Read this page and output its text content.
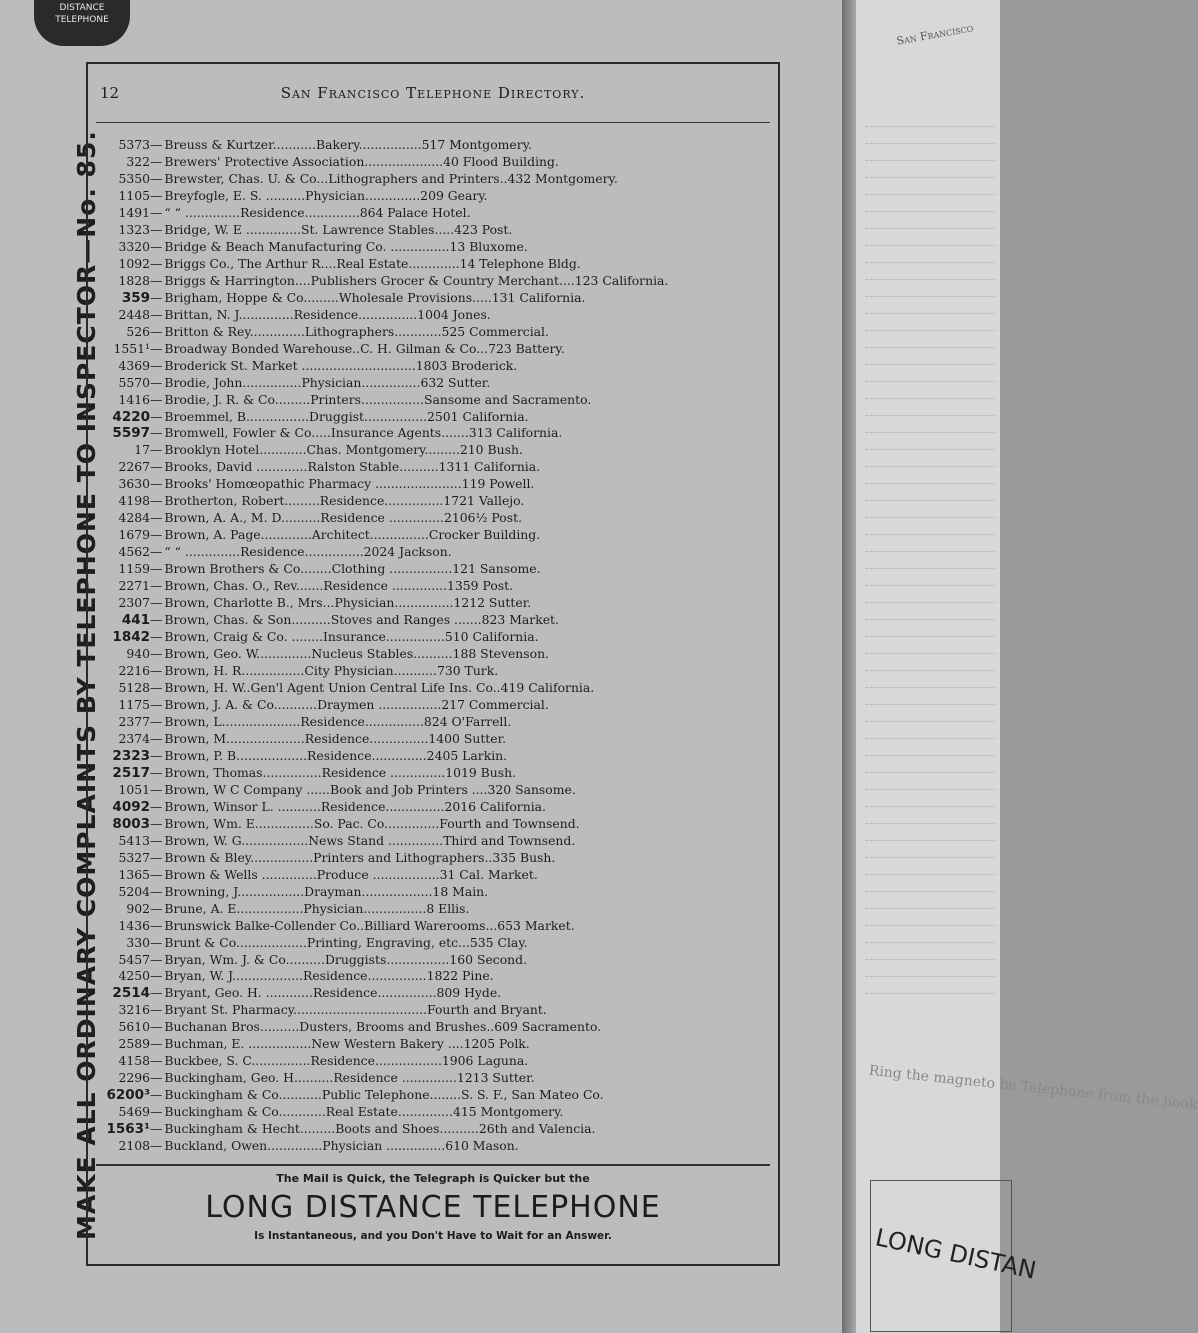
DISTANCE
TELEPHONE
MAKE ALL ORDINARY COMPLAINTS BY TELEPHONE TO INSPECTOR—No. 85.
12	San Francisco Telephone Directory.
5373— Breuss & Kurtzer...........Bakery................517 Montgomery.
322— Brewers' Protective Association....................40 Flood Building.
5350— Brewster, Chas. U. & Co...Lithographers and Printers..432 Montgomery.
1105— Breyfogle, E. S. ..........Physician..............209 Geary.
1491— “ “ ..............Residence..............864 Palace Hotel.
1323— Bridge, W. E ..............St. Lawrence Stables.....423 Post.
3320— Bridge & Beach Manufacturing Co. ...............13 Bluxome.
1092— Briggs Co., The Arthur R....Real Estate.............14 Telephone Bldg.
1828— Briggs & Harrington....Publishers Grocer & Country Merchant....123 California.
359— Brigham, Hoppe & Co.........Wholesale Provisions.....131 California.
2448— Brittan, N. J..............Residence...............1004 Jones.
526— Britton & Rey..............Lithographers............525 Commercial.
1551¹— Broadway Bonded Warehouse..C. H. Gilman & Co...723 Battery.
4369— Broderick St. Market .............................1803 Broderick.
5570— Brodie, John...............Physician...............632 Sutter.
1416— Brodie, J. R. & Co.........Printers................Sansome and Sacramento.
4220— Broemmel, B................Druggist................2501 California.
5597— Bromwell, Fowler & Co.....Insurance Agents.......313 California.
17— Brooklyn Hotel............Chas. Montgomery.........210 Bush.
2267— Brooks, David .............Ralston Stable..........1311 California.
3630— Brooks' Homœopathic Pharmacy ......................119 Powell.
4198— Brotherton, Robert.........Residence...............1721 Vallejo.
4284— Brown, A. A., M. D..........Residence ..............2106½ Post.
1679— Brown, A. Page.............Architect...............Crocker Building.
4562— “ “ ..............Residence...............2024 Jackson.
1159— Brown Brothers & Co........Clothing ................121 Sansome.
2271— Brown, Chas. O., Rev.......Residence ..............1359 Post.
2307— Brown, Charlotte B., Mrs...Physician...............1212 Sutter.
441— Brown, Chas. & Son..........Stoves and Ranges .......823 Market.
1842— Brown, Craig & Co. ........Insurance...............510 California.
940— Brown, Geo. W..............Nucleus Stables..........188 Stevenson.
2216— Brown, H. R................City Physician...........730 Turk.
5128— Brown, H. W..Gen'l Agent Union Central Life Ins. Co..419 California.
1175— Brown, J. A. & Co...........Draymen ................217 Commercial.
2377— Brown, L....................Residence...............824 O'Farrell.
2374— Brown, M....................Residence...............1400 Sutter.
2323— Brown, P. B..................Residence..............2405 Larkin.
2517— Brown, Thomas...............Residence ..............1019 Bush.
1051— Brown, W C Company ......Book and Job Printers ....320 Sansome.
4092— Brown, Winsor L. ...........Residence...............2016 California.
8003— Brown, Wm. E...............So. Pac. Co..............Fourth and Townsend.
5413— Brown, W. G.................News Stand ..............Third and Townsend.
5327— Brown & Bley................Printers and Lithographers..335 Bush.
1365— Brown & Wells ..............Produce .................31 Cal. Market.
5204— Browning, J.................Drayman..................18 Main.
902— Brune, A. E.................Physician................8 Ellis.
1436— Brunswick Balke-Collender Co..Billiard Warerooms...653 Market.
330— Brunt & Co..................Printing, Engraving, etc...535 Clay.
5457— Bryan, Wm. J. & Co..........Druggists................160 Second.
4250— Bryan, W. J..................Residence...............1822 Pine.
2514— Bryant, Geo. H. ............Residence...............809 Hyde.
3216— Bryant St. Pharmacy..................................Fourth and Bryant.
5610— Buchanan Bros..........Dusters, Brooms and Brushes..609 Sacramento.
2589— Buchman, E. ................New Western Bakery ....1205 Polk.
4158— Buckbee, S. C...............Residence.................1906 Laguna.
2296— Buckingham, Geo. H..........Residence ..............1213 Sutter.
6200³— Buckingham & Co...........Public Telephone........S. S. F., San Mateo Co.
5469— Buckingham & Co............Real Estate..............415 Montgomery.
1563¹— Buckingham & Hecht.........Boots and Shoes..........26th and Valencia.
2108— Buckland, Owen..............Physician ...............610 Mason.
The Mail is Quick, the Telegraph is Quicker but the
LONG DISTANCE TELEPHONE
Is Instantaneous, and you Don't Have to Wait for an Answer.
San Francisco
Ring the magneto be Telephone from the hook
LONG DISTAN
